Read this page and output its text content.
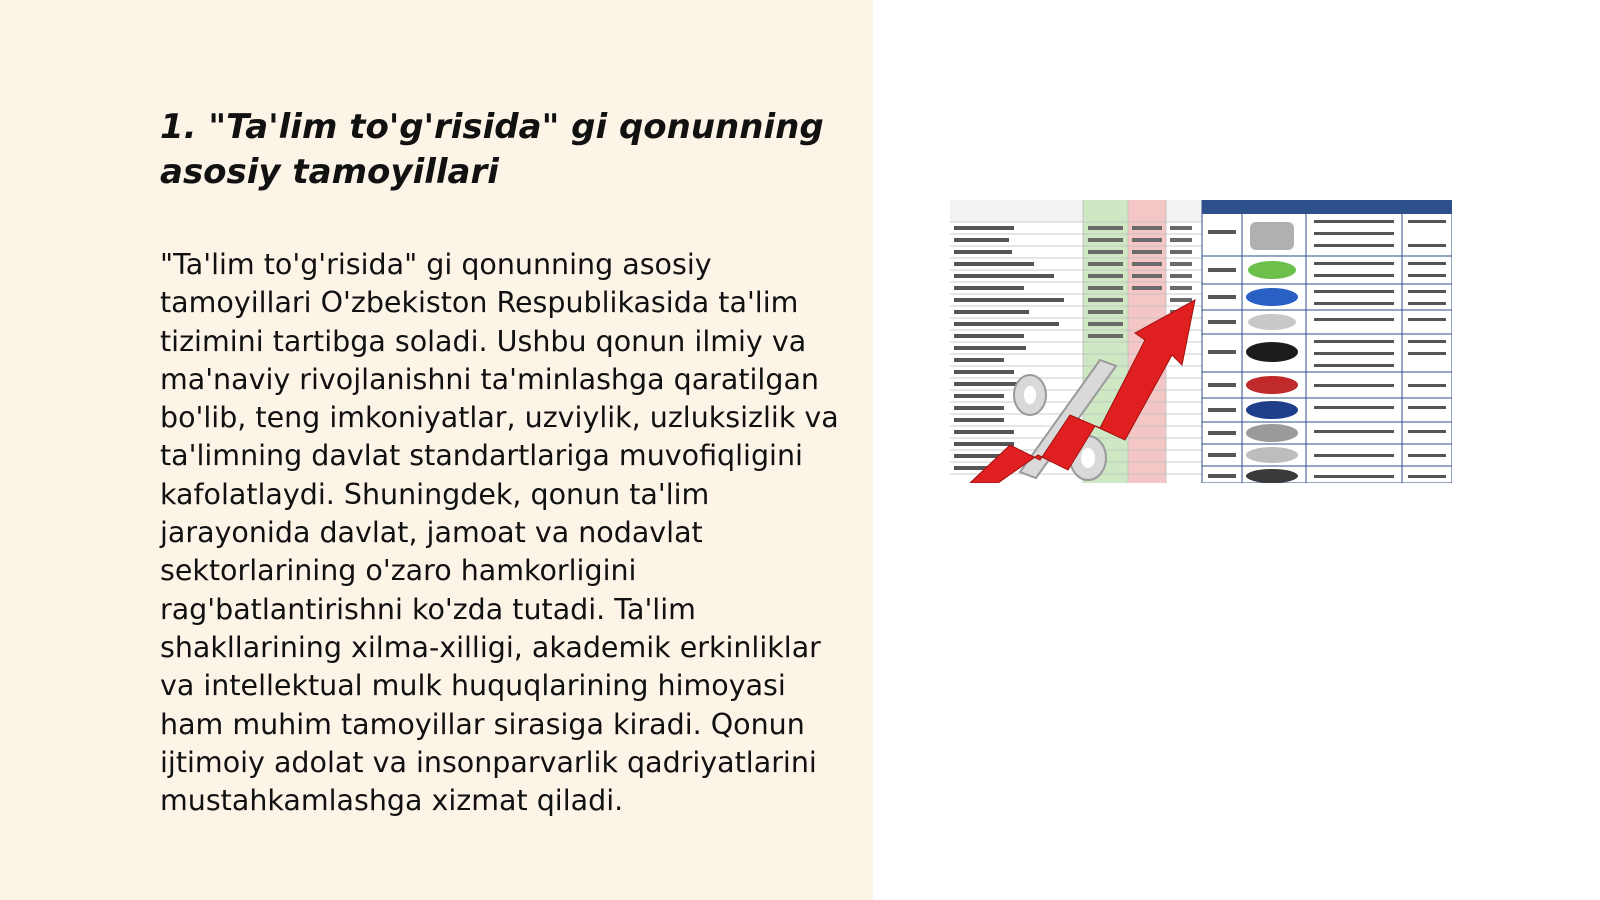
1. "Ta'lim to'g'risida" gi qonunning asosiy tamoyillari

"Ta'lim to'g'risida" gi qonunning asosiy tamoyillari O'zbekiston Respublikasida ta'lim tizimini tartibga soladi. Ushbu qonun ilmiy va ma'naviy rivojlanishni ta'minlashga qaratilgan bo'lib, teng imkoniyatlar, uzviylik, uzluksizlik va ta'limning davlat standartlariga muvofiqligini kafolatlaydi. Shuningdek, qonun ta'lim jarayonida davlat, jamoat va nodavlat sektorlarining o'zaro hamkorligini rag'batlantirishni ko'zda tutadi. Ta'lim shakllarining xilma-xilligi, akademik erkinliklar va intellektual mulk huquqlarining himoyasi ham muhim tamoyillar sirasiga kiradi. Qonun ijtimoiy adolat va insonparvarlik qadriyatlarini mustahkamlashga xizmat qiladi.
